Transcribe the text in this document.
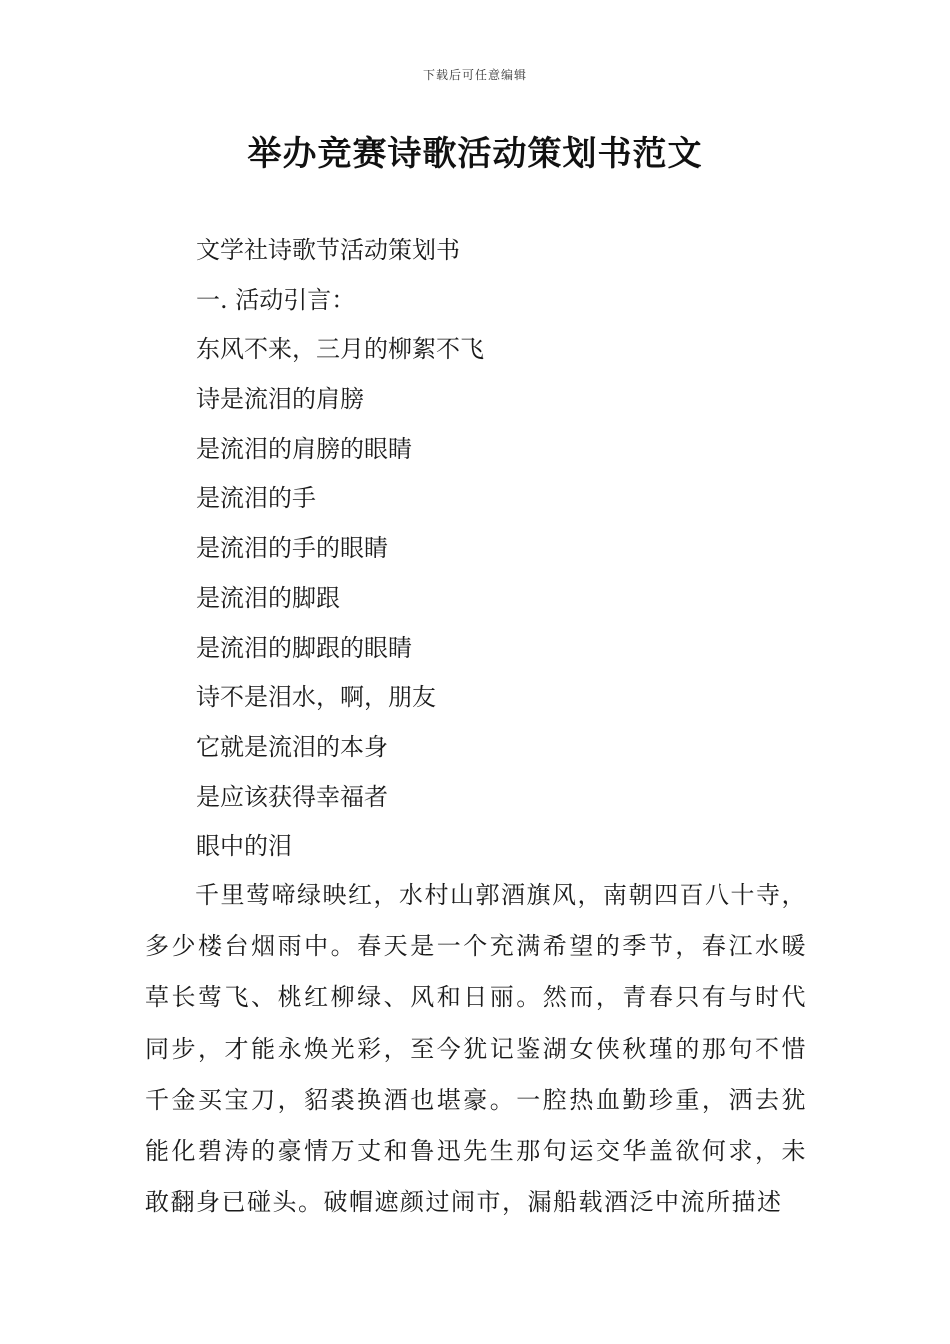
下载后可任意编辑
举办竞赛诗歌活动策划书范文
文学社诗歌节活动策划书
一. 活动引言：
东风不来，三月的柳絮不飞
诗是流泪的肩膀
是流泪的肩膀的眼睛
是流泪的手
是流泪的手的眼睛
是流泪的脚跟
是流泪的脚跟的眼睛
诗不是泪水，啊，朋友
它就是流泪的本身
是应该获得幸福者
眼中的泪

千里莺啼绿映红，水村山郭酒旗风，南朝四百八十寺，多少楼台烟雨中。春天是一个充满希望的季节，春江水暖草长莺飞、桃红柳绿、风和日丽。然而，青春只有与时代同步，才能永焕光彩，至今犹记鉴湖女侠秋瑾的那句不惜千金买宝刀，貂裘换酒也堪豪。一腔热血勤珍重，洒去犹能化碧涛的豪情万丈和鲁迅先生那句运交华盖欲何求，未敢翻身已碰头。破帽遮颜过闹市，漏船载酒泛中流所描述
